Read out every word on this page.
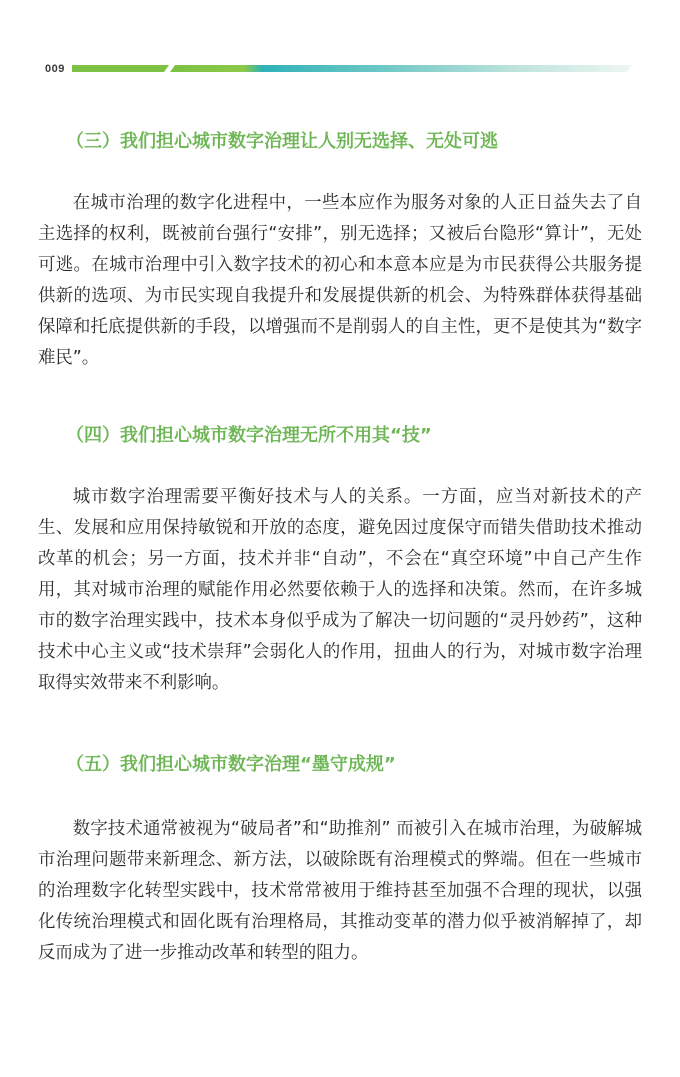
009
（三）我们担心城市数字治理让人别无选择、无处可逃

在城市治理的数字化进程中，一些本应作为服务对象的人正日益失去了自主选择的权利，既被前台强行“安排”，别无选择；又被后台隐形“算计”，无处可逃。在城市治理中引入数字技术的初心和本意本应是为市民获得公共服务提供新的选项、为市民实现自我提升和发展提供新的机会、为特殊群体获得基础保障和托底提供新的手段，以增强而不是削弱人的自主性，更不是使其为“数字难民”。

（四）我们担心城市数字治理无所不用其“技”

城市数字治理需要平衡好技术与人的关系。一方面，应当对新技术的产生、发展和应用保持敏锐和开放的态度，避免因过度保守而错失借助技术推动改革的机会；另一方面，技术并非“自动”，不会在“真空环境”中自己产生作用，其对城市治理的赋能作用必然要依赖于人的选择和决策。然而，在许多城市的数字治理实践中，技术本身似乎成为了解决一切问题的“灵丹妙药”，这种技术中心主义或“技术崇拜”会弱化人的作用，扭曲人的行为，对城市数字治理取得实效带来不利影响。

（五）我们担心城市数字治理“墨守成规”

数字技术通常被视为“破局者”和“助推剂” 而被引入在城市治理，为破解城市治理问题带来新理念、新方法，以破除既有治理模式的弊端。但在一些城市的治理数字化转型实践中，技术常常被用于维持甚至加强不合理的现状，以强化传统治理模式和固化既有治理格局，其推动变革的潜力似乎被消解掉了，却反而成为了进一步推动改革和转型的阻力。
